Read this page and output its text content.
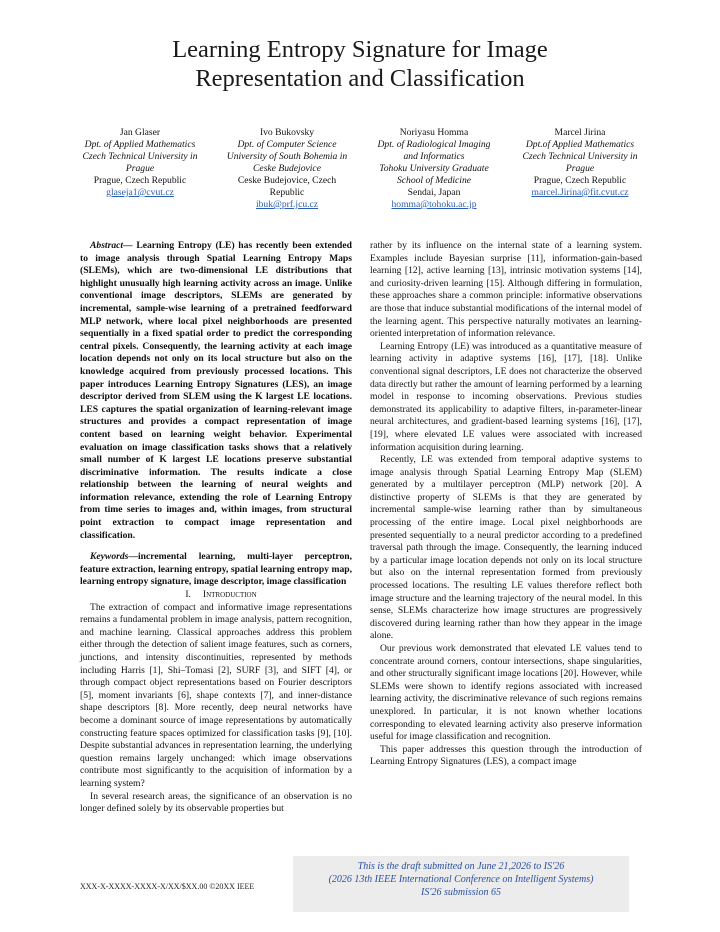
Learning Entropy Signature for Image
Representation and Classification
Jan Glaser
Dpt. of Applied Mathematics
Czech Technical University in
Prague
Prague, Czech Republic
glaseja1@cvut.cz
Ivo Bukovsky
Dpt. of Computer Science
University of South Bohemia in
Ceske Budejovice
Ceske Budejovice, Czech
Republic
ibuk@prf.jcu.cz
Noriyasu Homma
Dpt. of Radiological Imaging
and Informatics
Tohoku University Graduate
School of Medicine
Sendai, Japan
homma@tohoku.ac.jp
Marcel Jirina
Dpt.of Applied Mathematics
Czech Technical University in
Prague
Prague, Czech Republic
marcel.Jirina@fit.cvut.cz

Abstract— Learning Entropy (LE) has recently been extended to image analysis through Spatial Learning Entropy Maps (SLEMs), which are two-dimensional LE distributions that highlight unusually high learning activity across an image. Unlike conventional image descriptors, SLEMs are generated by incremental, sample-wise learning of a pretrained feedforward MLP network, where local pixel neighborhoods are presented sequentially in a fixed spatial order to predict the corresponding central pixels. Consequently, the learning activity at each image location depends not only on its local structure but also on the knowledge acquired from previously processed locations. This paper introduces Learning Entropy Signatures (LES), an image descriptor derived from SLEM using the K largest LE locations. LES captures the spatial organization of learning-relevant image structures and provides a compact representation of image content based on learning weight behavior. Experimental evaluation on image classification tasks shows that a relatively small number of K largest LE locations preserve substantial discriminative information. The results indicate a close relationship between the learning of neural weights and information relevance, extending the role of Learning Entropy from time series to images and, within images, from structural point extraction to compact image representation and classification.

Keywords—incremental learning, multi-layer perceptron, feature extraction, learning entropy, spatial learning entropy map, learning entropy signature, image descriptor, image classification

I. Introduction

The extraction of compact and informative image representations remains a fundamental problem in image analysis, pattern recognition, and machine learning. Classical approaches address this problem either through the detection of salient image features, such as corners, junctions, and intensity discontinuities, represented by methods including Harris [1], Shi–Tomasi [2], SURF [3], and SIFT [4], or through compact object representations based on Fourier descriptors [5], moment invariants [6], shape contexts [7], and inner-distance shape descriptors [8]. More recently, deep neural networks have become a dominant source of image representations by automatically constructing feature spaces optimized for classification tasks [9], [10]. Despite substantial advances in representation learning, the underlying question remains largely unchanged: which image observations contribute most significantly to the acquisition of information by a learning system?

In several research areas, the significance of an observation is no longer defined solely by its observable properties but

rather by its influence on the internal state of a learning system. Examples include Bayesian surprise [11], information-gain-based learning [12], active learning [13], intrinsic motivation systems [14], and curiosity-driven learning [15]. Although differing in formulation, these approaches share a common principle: informative observations are those that induce substantial modifications of the internal model of the learning agent. This perspective naturally motivates an learning-oriented interpretation of information relevance.

Learning Entropy (LE) was introduced as a quantitative measure of learning activity in adaptive systems [16], [17], [18]. Unlike conventional signal descriptors, LE does not characterize the observed data directly but rather the amount of learning performed by a learning model in response to incoming observations. Previous studies demonstrated its applicability to adaptive filters, in-parameter-linear neural architectures, and gradient-based learning systems [16], [17], [19], where elevated LE values were associated with increased information acquisition during learning.

Recently, LE was extended from temporal adaptive systems to image analysis through Spatial Learning Entropy Map (SLEM) generated by a multilayer perceptron (MLP) network [20]. A distinctive property of SLEMs is that they are generated by incremental sample-wise learning rather than by simultaneous processing of the entire image. Local pixel neighborhoods are presented sequentially to a neural predictor according to a predefined traversal path through the image. Consequently, the learning induced by a particular image location depends not only on its local structure but also on the internal representation formed from previously processed locations. The resulting LE values therefore reflect both image structure and the learning trajectory of the neural model. In this sense, SLEMs characterize how image structures are progressively discovered during learning rather than how they appear in the image alone.

Our previous work demonstrated that elevated LE values tend to concentrate around corners, contour intersections, shape singularities, and other structurally significant image locations [20]. However, while SLEMs were shown to identify regions associated with increased learning activity, the discriminative relevance of such regions remains unexplored. In particular, it is not known whether locations corresponding to elevated learning activity also preserve information useful for image classification and recognition.

This paper addresses this question through the introduction of Learning Entropy Signatures (LES), a compact image

XXX-X-XXXX-XXXX-X/XX/$XX.00 ©20XX IEEE
This is the draft submitted on June 21,2026 to IS'26
(2026 13th IEEE International Conference on Intelligent Systems)
IS'26 submission 65
